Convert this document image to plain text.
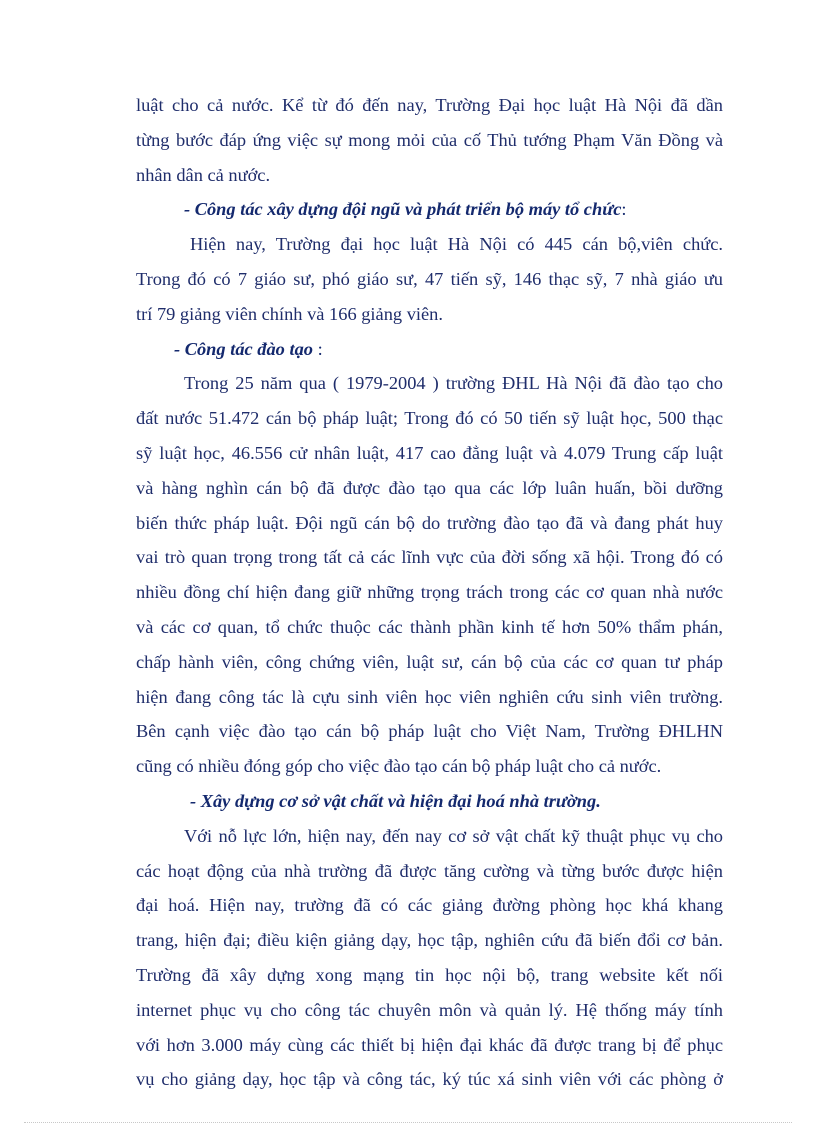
luật cho cả nước. Kể từ đó đến nay, Trường Đại học luật Hà Nội đã dần
từng bước đáp ứng việc sự mong mỏi của cố Thủ tướng Phạm Văn Đồng và
nhân dân cả nước.
- Công tác xây dựng đội ngũ và phát triển bộ máy tổ chức:
Hiện nay, Trường đại học luật Hà Nội có 445 cán bộ,viên chức.
Trong đó có 7 giáo sư, phó giáo sư, 47 tiến sỹ, 146 thạc sỹ, 7 nhà giáo ưu
trí 79 giảng viên chính và 166 giảng viên.
- Công tác đào tạo :
Trong 25 năm qua ( 1979-2004 ) trường ĐHL Hà Nội đã đào tạo cho
đất nước 51.472 cán bộ pháp luật; Trong đó có 50 tiến sỹ luật học, 500 thạc
sỹ luật học, 46.556 cử nhân luật, 417 cao đẳng luật và 4.079 Trung cấp luật
và hàng nghìn cán bộ đã được đào tạo qua các lớp luân huấn, bồi dưỡng
biến thức pháp luật. Đội ngũ cán bộ do trường đào tạo đã và đang phát huy
vai trò quan trọng trong tất cả các lĩnh vực của đời sống xã hội. Trong đó có
nhiều đồng chí hiện đang giữ những trọng trách trong các cơ quan nhà nước
và các cơ quan, tổ chức thuộc các thành phần kinh tế hơn 50% thẩm phán,
chấp hành viên, công chứng viên, luật sư, cán bộ của các cơ quan tư pháp
hiện đang công tác là cựu sinh viên học viên nghiên cứu sinh viên trường.
Bên cạnh việc đào tạo cán bộ pháp luật cho Việt Nam, Trường ĐHLHN
cũng có nhiều đóng góp cho việc đào tạo cán bộ pháp luật cho cả nước.
- Xây dựng cơ sở vật chất và hiện đại hoá nhà trường.
Với nỗ lực lớn, hiện nay, đến nay cơ sở vật chất kỹ thuật phục vụ cho
các hoạt động của nhà trường đã được tăng cường và từng bước được hiện
đại hoá. Hiện nay, trường đã có các giảng đường phòng học khá khang
trang, hiện đại; điều kiện giảng dạy, học tập, nghiên cứu đã biến đổi cơ bản.
Trường đã xây dựng xong mạng tin học nội bộ, trang website kết nối
internet phục vụ cho công tác chuyên môn và quản lý. Hệ thống máy tính
với hơn 3.000 máy cùng các thiết bị hiện đại khác đã được trang bị để phục
vụ cho giảng dạy, học tập và công tác, ký túc xá sinh viên với các phòng ở
